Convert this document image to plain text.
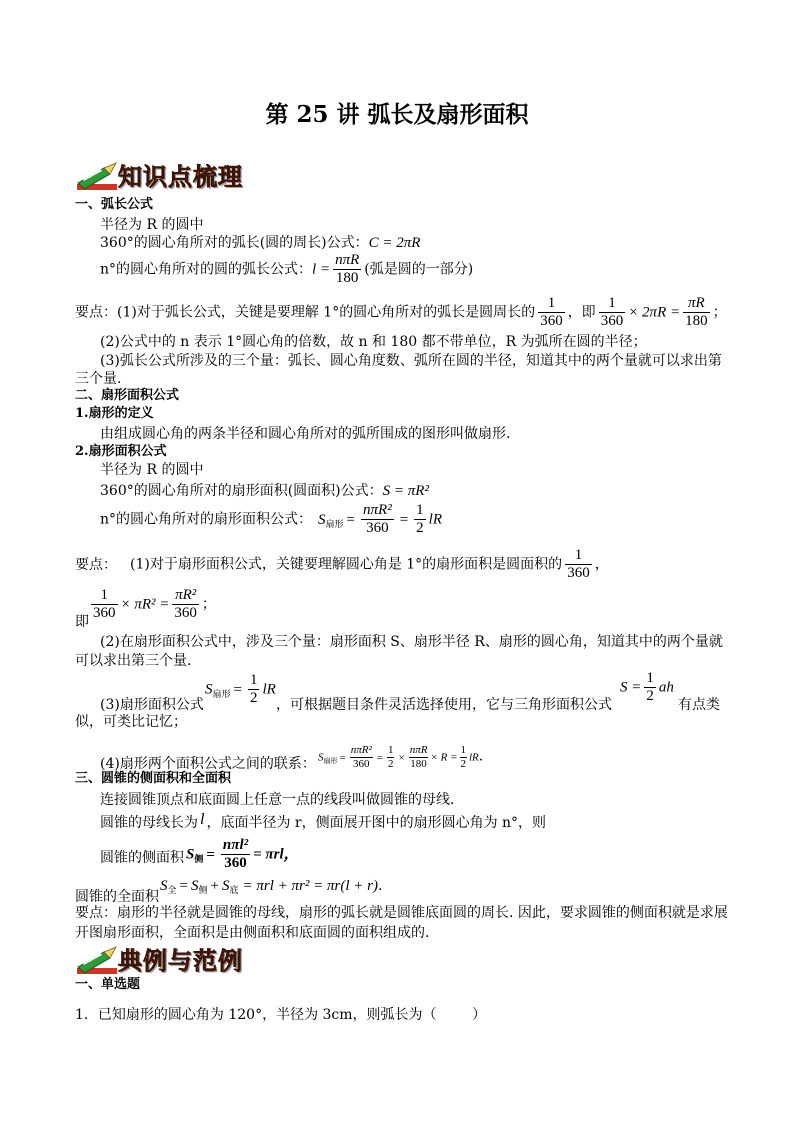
第 25 讲 弧长及扇形面积
知识点梳理
一、弧长公式
半径为 R 的圆中
360°的圆心角所对的弧长(圆的周长)公式：C = 2πR
n°的圆心角所对的圆的弧长公式：$l = \frac{\text{nπR}}{180}$ (弧是圆的一部分)
要点：(1)对于弧长公式，关键是要理解 1°的圆心角所对的弧长是圆周长的 $\frac{1}{360}$ ，即 $\frac{1}{360} \times 2\pi R = \frac{\pi R}{180}$ ；
(2)公式中的 n 表示 1°圆心角的倍数，故 n 和 180 都不带单位，R 为弧所在圆的半径；
(3)弧长公式所涉及的三个量：弧长、圆心角度数、弧所在圆的半径，知道其中的两个量就可以求出第
三个量.
二、扇形面积公式
1.扇形的定义
由组成圆心角的两条半径和圆心角所对的弧所围成的图形叫做扇形.
2.扇形面积公式
半径为 R 的圆中
360°的圆心角所对的扇形面积(圆面积)公式：S = πR²
n°的圆心角所对的扇形面积公式： $S_{扇形} = \frac{\text{nπR²}}{360} = \frac{1}{2}$ lR
要点： (1)对于扇形面积公式，关键要理解圆心角是 1°的扇形面积是圆面积的 $\frac{1}{360}$ ，
即 $\frac{1}{360} \times \pi R^2 = \frac{\text{πR²}}{360}$ ；
(2)在扇形面积公式中，涉及三个量：扇形面积 S、扇形半径 R、扇形的圆心角，知道其中的两个量就
可以求出第三个量.
(3)扇形面积公式
$S_{扇形} = \frac{1}{2}$ lR
，可根据题目条件灵活选择使用，它与三角形面积公式
$S = \frac{1}{2}$ ah
有点类
似，可类比记忆；
(4)扇形两个面积公式之间的联系： S扇形 = $\frac{\text{nπR²}}{360} = \frac{1}{2} \times \frac{\text{nπR}}{180} \times R = \frac{1}{2}$ lR.
三、圆锥的侧面积和全面积
连接圆锥顶点和底面圆上任意一点的线段叫做圆锥的母线.
圆锥的母线长为 l ，底面半径为 r，侧面展开图中的扇形圆心角为 n°，则
圆锥的侧面积 $S_侧 = \frac{\text{nπl²}}{360} = \pi rl$，
圆锥的全面积
$S_全 = S_侧 + S_底 = \pi rl + \pi r^2 = \pi r(l + r)$.
要点：扇形的半径就是圆锥的母线，扇形的弧长就是圆锥底面圆的周长. 因此，要求圆锥的侧面积就是求展
开图扇形面积，全面积是由侧面积和底面圆的面积组成的.
典例与范例
一、单选题
1．已知扇形的圆心角为 120°，半径为 3cm，则弧长为（        ）
